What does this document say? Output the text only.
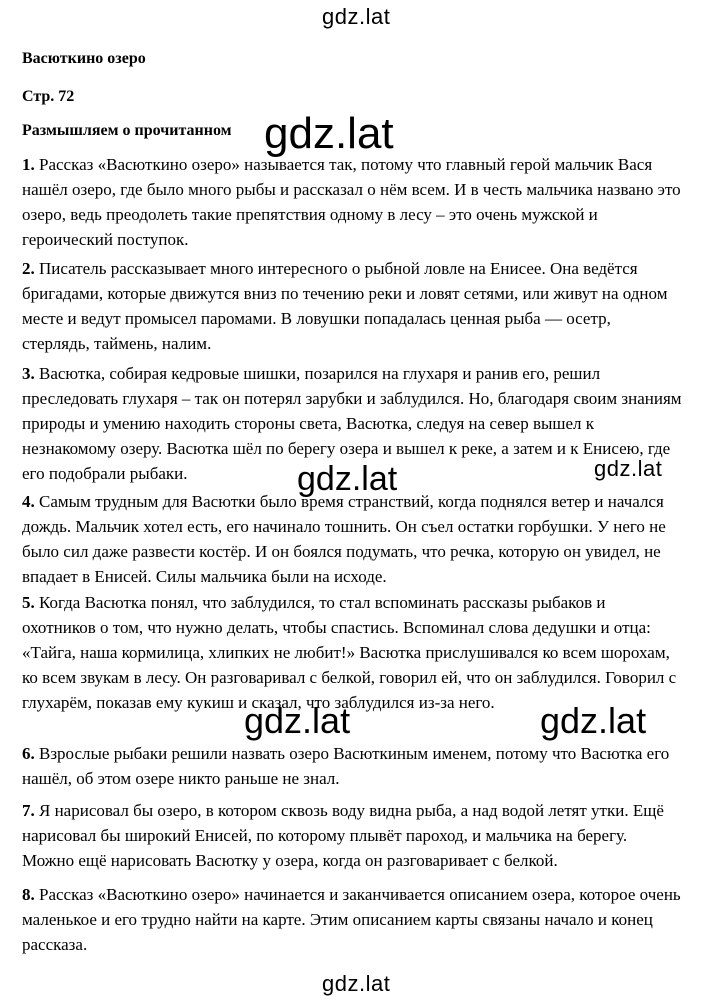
gdz.lat
Васюткино озеро
Стр. 72
Размышляем о прочитанном

1. Рассказ «Васюткино озеро» называется так, потому что главный герой мальчик Вася нашёл озеро, где было много рыбы и рассказал о нём всем. И в честь мальчика названо это озеро, ведь преодолеть такие препятствия одному в лесу – это очень мужской и героический поступок.

2. Писатель рассказывает много интересного о рыбной ловле на Енисее. Она ведётся бригадами, которые движутся вниз по течению реки и ловят сетями, или живут на одном месте и ведут промысел паромами. В ловушки попадалась ценная рыба — осетр, стерлядь, таймень, налим.

3. Васютка, собирая кедровые шишки, позарился на глухаря и ранив его, решил преследовать глухаря – так он потерял зарубки и заблудился. Но, благодаря своим знаниям природы и умению находить стороны света, Васютка, следуя на север вышел к незнакомому озеру. Васютка шёл по берегу озера и вышел к реке, а затем и к Енисею, где его подобрали рыбаки.

4. Самым трудным для Васютки было время странствий, когда поднялся ветер и начался дождь. Мальчик хотел есть, его начинало тошнить. Он съел остатки горбушки. У него не было сил даже развести костёр. И он боялся подумать, что речка, которую он увидел, не впадает в Енисей. Силы мальчика были на исходе.

5. Когда Васютка понял, что заблудился, то стал вспоминать рассказы рыбаков и охотников о том, что нужно делать, чтобы спастись. Вспоминал слова дедушки и отца: «Тайга, наша кормилица, хлипких не любит!» Васютка прислушивался ко всем шорохам, ко всем звукам в лесу. Он разговаривал с белкой, говорил ей, что он заблудился. Говорил с глухарём, показав ему кукиш и сказал, что заблудился из-за него.

6. Взрослые рыбаки решили назвать озеро Васюткиным именем, потому что Васютка его нашёл, об этом озере никто раньше не знал.

7. Я нарисовал бы озеро, в котором сквозь воду видна рыба, а над водой летят утки. Ещё нарисовал бы широкий Енисей, по которому плывёт пароход, и мальчика на берегу. Можно ещё нарисовать Васютку у озера, когда он разговаривает с белкой.

8. Рассказ «Васюткино озеро» начинается и заканчивается описанием озера, которое очень маленькое и его трудно найти на карте. Этим описанием карты связаны начало и конец рассказа.

gdz.lat
gdz.lat	gdz.lat
gdz.lat	gdz.lat
gdz.lat
